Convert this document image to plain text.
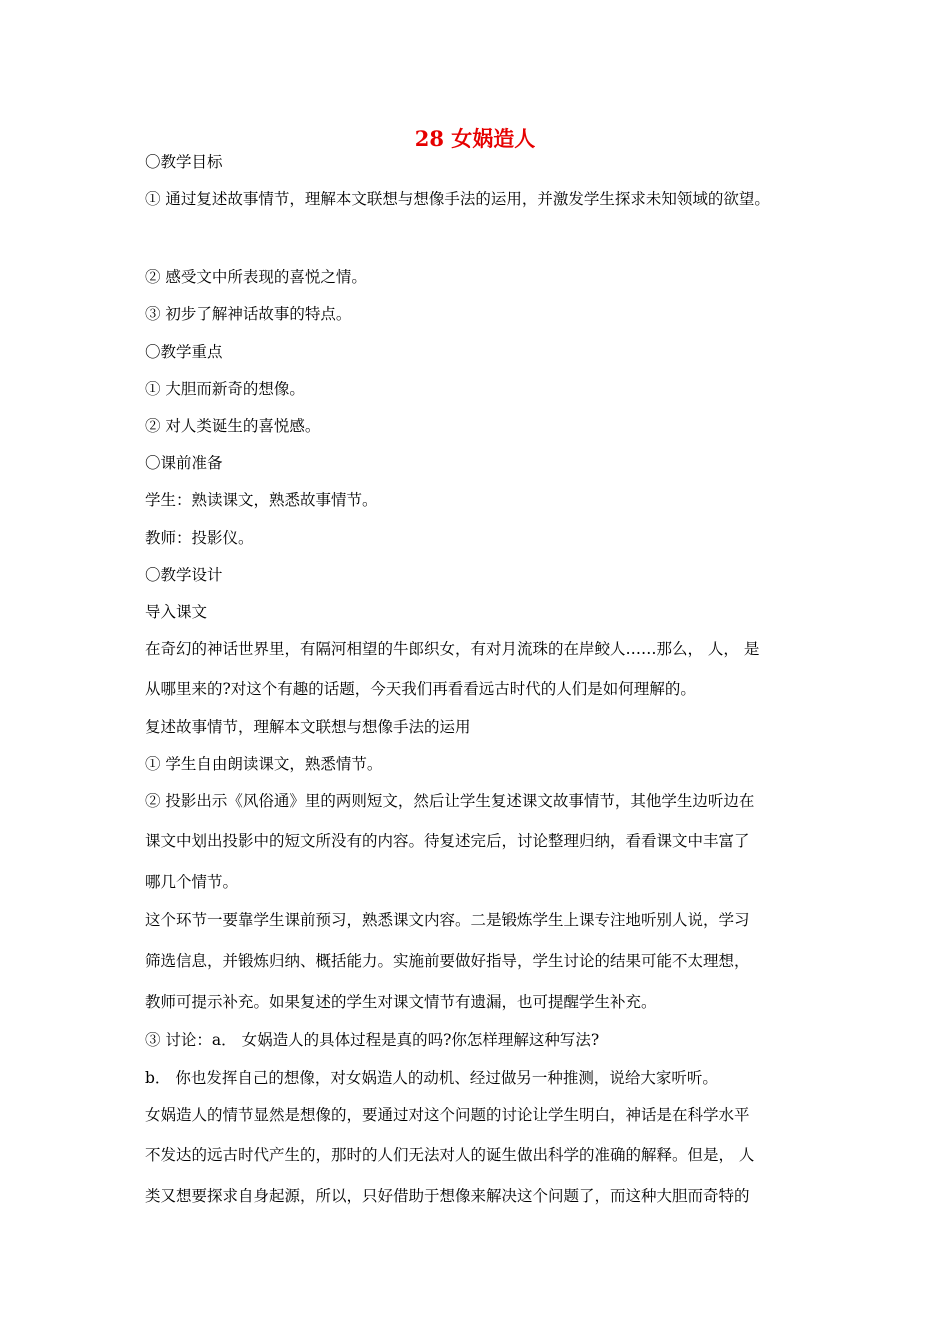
28 女娲造人
〇教学目标
① 通过复述故事情节，理解本文联想与想像手法的运用，并激发学生探求未知领域的欲望。
② 感受文中所表现的喜悦之情。
③ 初步了解神话故事的特点。
〇教学重点
① 大胆而新奇的想像。
② 对人类诞生的喜悦感。
〇课前准备
学生：熟读课文，熟悉故事情节。
教师：投影仪。
〇教学设计
导入课文
在奇幻的神话世界里，有隔河相望的牛郎织女，有对月流珠的在岸鲛人……那么， 人， 是
从哪里来的?对这个有趣的话题，今天我们再看看远古时代的人们是如何理解的。
复述故事情节，理解本文联想与想像手法的运用
① 学生自由朗读课文，熟悉情节。
② 投影出示《风俗通》里的两则短文，然后让学生复述课文故事情节，其他学生边听边在
课文中划出投影中的短文所没有的内容。待复述完后，讨论整理归纳，看看课文中丰富了
哪几个情节。
这个环节一要靠学生课前预习，熟悉课文内容。二是锻炼学生上课专注地听别人说，学习
筛选信息，并锻炼归纳、概括能力。实施前要做好指导，学生讨论的结果可能不太理想，
教师可提示补充。如果复述的学生对课文情节有遗漏，也可提醒学生补充。
③ 讨论：a． 女娲造人的具体过程是真的吗?你怎样理解这种写法?
b． 你也发挥自己的想像，对女娲造人的动机、经过做另一种推测，说给大家听听。
女娲造人的情节显然是想像的，要通过对这个问题的讨论让学生明白，神话是在科学水平
不发达的远古时代产生的，那时的人们无法对人的诞生做出科学的准确的解释。但是， 人
类又想要探求自身起源，所以，只好借助于想像来解决这个问题了，而这种大胆而奇特的
